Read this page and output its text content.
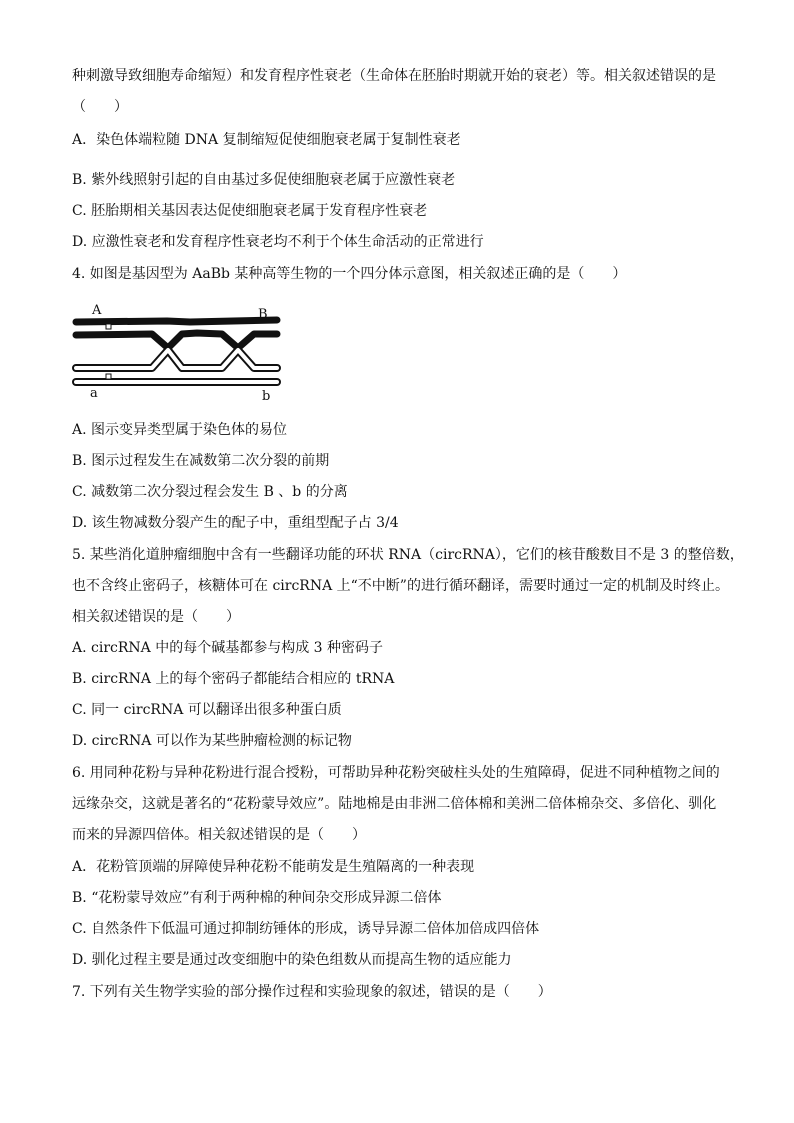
种刺激导致细胞寿命缩短）和发育程序性衰老（生命体在胚胎时期就开始的衰老）等。相关叙述错误的是
（　　）
A．染色体端粒随 DNA 复制缩短促使细胞衰老属于复制性衰老
B. 紫外线照射引起的自由基过多促使细胞衰老属于应激性衰老
C. 胚胎期相关基因表达促使细胞衰老属于发育程序性衰老
D. 应激性衰老和发育程序性衰老均不利于个体生命活动的正常进行
4. 如图是基因型为 AaBb 某种高等生物的一个四分体示意图，相关叙述正确的是（　　）
A	B
a	b
A. 图示变异类型属于染色体的易位
B. 图示过程发生在减数第二次分裂的前期
C. 减数第二次分裂过程会发生 B 、b 的分离
D. 该生物减数分裂产生的配子中，重组型配子占 3/4
5. 某些消化道肿瘤细胞中含有一些翻译功能的环状 RNA（circRNA），它们的核苷酸数目不是 3 的整倍数，
也不含终止密码子，核糖体可在 circRNA 上“不中断”的进行循环翻译，需要时通过一定的机制及时终止。
相关叙述错误的是（　　）
A. circRNA 中的每个碱基都参与构成 3 种密码子
B. circRNA 上的每个密码子都能结合相应的 tRNA
C. 同一 circRNA 可以翻译出很多种蛋白质
D. circRNA 可以作为某些肿瘤检测的标记物
6. 用同种花粉与异种花粉进行混合授粉，可帮助异种花粉突破柱头处的生殖障碍，促进不同种植物之间的
远缘杂交，这就是著名的“花粉蒙导效应”。陆地棉是由非洲二倍体棉和美洲二倍体棉杂交、多倍化、驯化
而来的异源四倍体。相关叙述错误的是（　　）
A．花粉管顶端的屏障使异种花粉不能萌发是生殖隔离的一种表现
B. “花粉蒙导效应”有利于两种棉的种间杂交形成异源二倍体
C. 自然条件下低温可通过抑制纺锤体的形成，诱导异源二倍体加倍成四倍体
D. 驯化过程主要是通过改变细胞中的染色组数从而提高生物的适应能力
7. 下列有关生物学实验的部分操作过程和实验现象的叙述，错误的是（　　）
